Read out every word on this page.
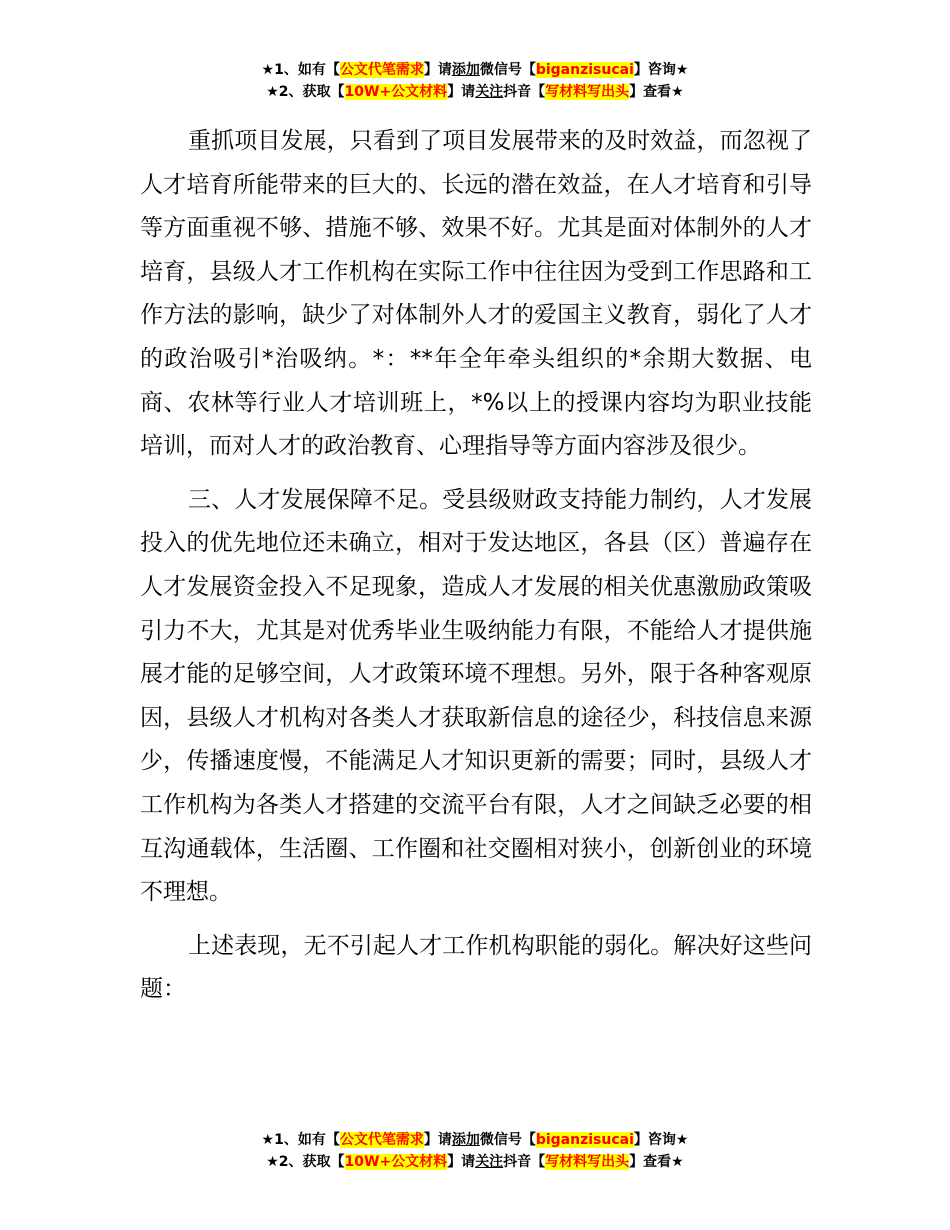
★1、如有【公文代笔需求】请添加微信号【biganzisucai】咨询★
★2、获取【10W+公文材料】请关注抖音【写材料写出头】查看★

重抓项目发展，只看到了项目发展带来的及时效益，而忽视了人才培育所能带来的巨大的、长远的潜在效益，在人才培育和引导等方面重视不够、措施不够、效果不好。尤其是面对体制外的人才培育，县级人才工作机构在实际工作中往往因为受到工作思路和工作方法的影响，缺少了对体制外人才的爱国主义教育，弱化了人才的政治吸引*治吸纳。*：**年全年牵头组织的*余期大数据、电商、农林等行业人才培训班上，*%以上的授课内容均为职业技能培训，而对人才的政治教育、心理指导等方面内容涉及很少。

三、人才发展保障不足。受县级财政支持能力制约，人才发展投入的优先地位还未确立，相对于发达地区，各县（区）普遍存在人才发展资金投入不足现象，造成人才发展的相关优惠激励政策吸引力不大，尤其是对优秀毕业生吸纳能力有限，不能给人才提供施展才能的足够空间，人才政策环境不理想。另外，限于各种客观原因，县级人才机构对各类人才获取新信息的途径少，科技信息来源少，传播速度慢，不能满足人才知识更新的需要；同时，县级人才工作机构为各类人才搭建的交流平台有限，人才之间缺乏必要的相互沟通载体，生活圈、工作圈和社交圈相对狭小，创新创业的环境不理想。

上述表现，无不引起人才工作机构职能的弱化。解决好这些问题：

★1、如有【公文代笔需求】请添加微信号【biganzisucai】咨询★
★2、获取【10W+公文材料】请关注抖音【写材料写出头】查看★
